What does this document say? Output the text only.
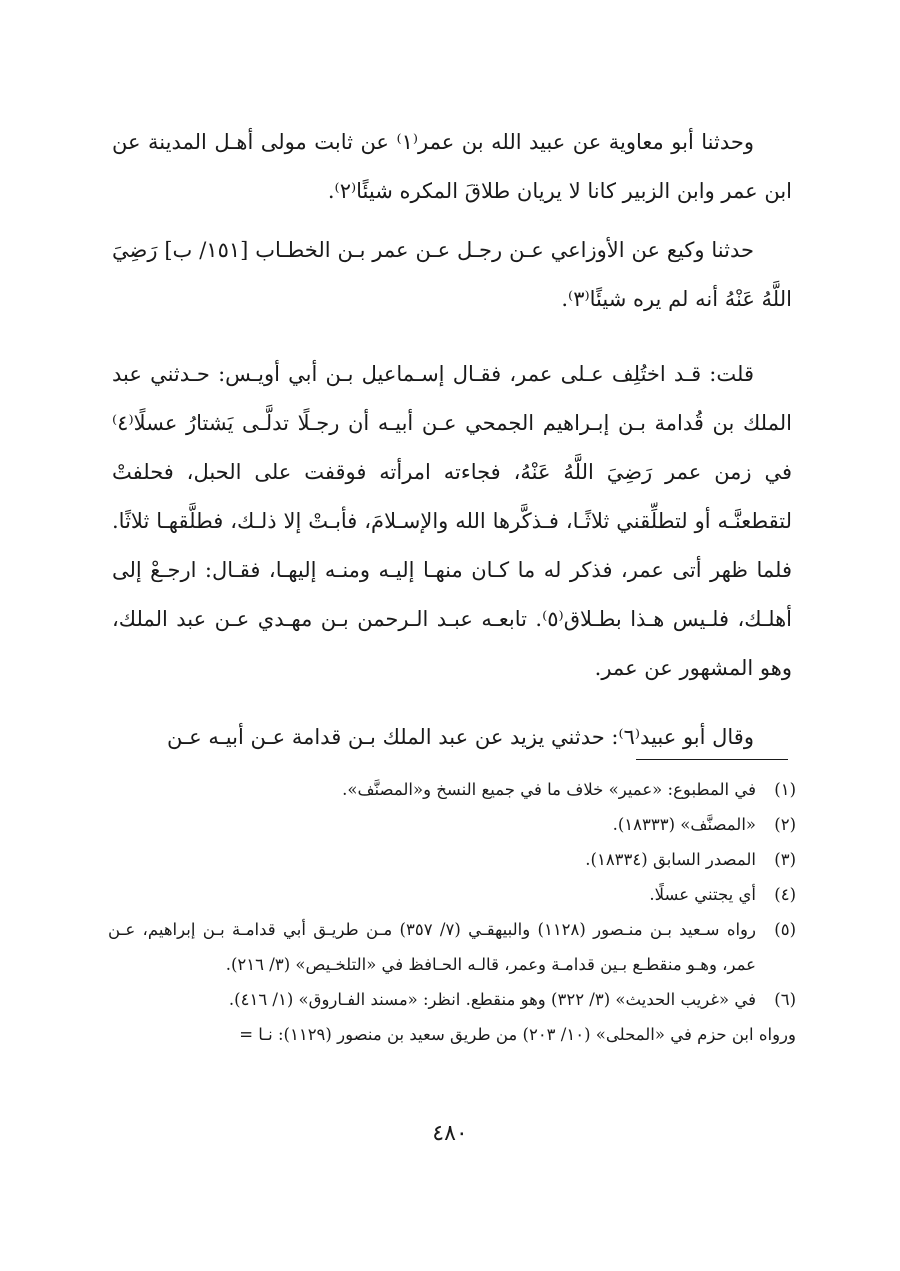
وحدثنا أبو معاوية عن عبيد الله بن عمر⁽١⁾ عن ثابت مولى أهـل المدينة عن ابن عمر وابن الزبير كانا لا يريان طلاقَ المكره شيئًا⁽٢⁾.

حدثنا وكيع عن الأوزاعي عـن رجـل عـن عمر بـن الخطـاب [١٥١/ ب] رَضِيَ اللَّهُ عَنْهُ أنه لم يره شيئًا⁽٣⁾.

قلت: قـد اختُلِف عـلى عمر، فقـال إسـماعيل بـن أبي أويـس: حـدثني عبد الملك بن قُدامة بـن إبـراهيم الجمحي عـن أبيـه أن رجـلًا تدلَّـى يَشتارُ عسلًا⁽٤⁾ في زمن عمر رَضِيَ اللَّهُ عَنْهُ، فجاءته امرأته فوقفت على الحبل، فحلفتْ لتقطعنَّـه أو لتطلِّقني ثلاثًـا، فـذكَّرها الله والإسـلامَ، فأبـتْ إلا ذلـك، فطلَّقهـا ثلاثًا. فلما ظهر أتى عمر، فذكر له ما كـان منهـا إليـه ومنـه إليهـا، فقـال: ارجـعْ إلى أهلـك، فلـيس هـذا بطـلاق⁽٥⁾. تابعـه عبـد الـرحمن بـن مهـدي عـن عبد الملك، وهو المشهور عن عمر.

وقال أبو عبيد⁽٦⁾: حدثني يزيد عن عبد الملك بـن قدامة عـن أبيـه عـن

(١)
في المطبوع: «عمير» خلاف ما في جميع النسخ و«المصنَّف».
(٢)
«المصنَّف» (١٨٣٣٣).
(٣)
المصدر السابق (١٨٣٣٤).
(٤)
أي يجتني عسلًا.
(٥)
رواه سـعيد بـن منـصور (١١٢٨) والبيهقـي (٧/ ٣٥٧) مـن طريـق أبي قدامـة بـن إبراهيم، عـن عمر، وهـو منقطـع بـين قدامـة وعمر، قالـه الحـافظ في «التلخـيص» (٣/ ٢١٦).
(٦)
في «غريب الحديث» (٣/ ٣٢٢) وهو منقطع. انظر: «مسند الفـاروق» (١/ ٤١٦).

ورواه ابن حزم في «المحلى» (١٠/ ٢٠٣) من طريق سعيد بن منصور (١١٢٩): نـا =

٤٨٠
